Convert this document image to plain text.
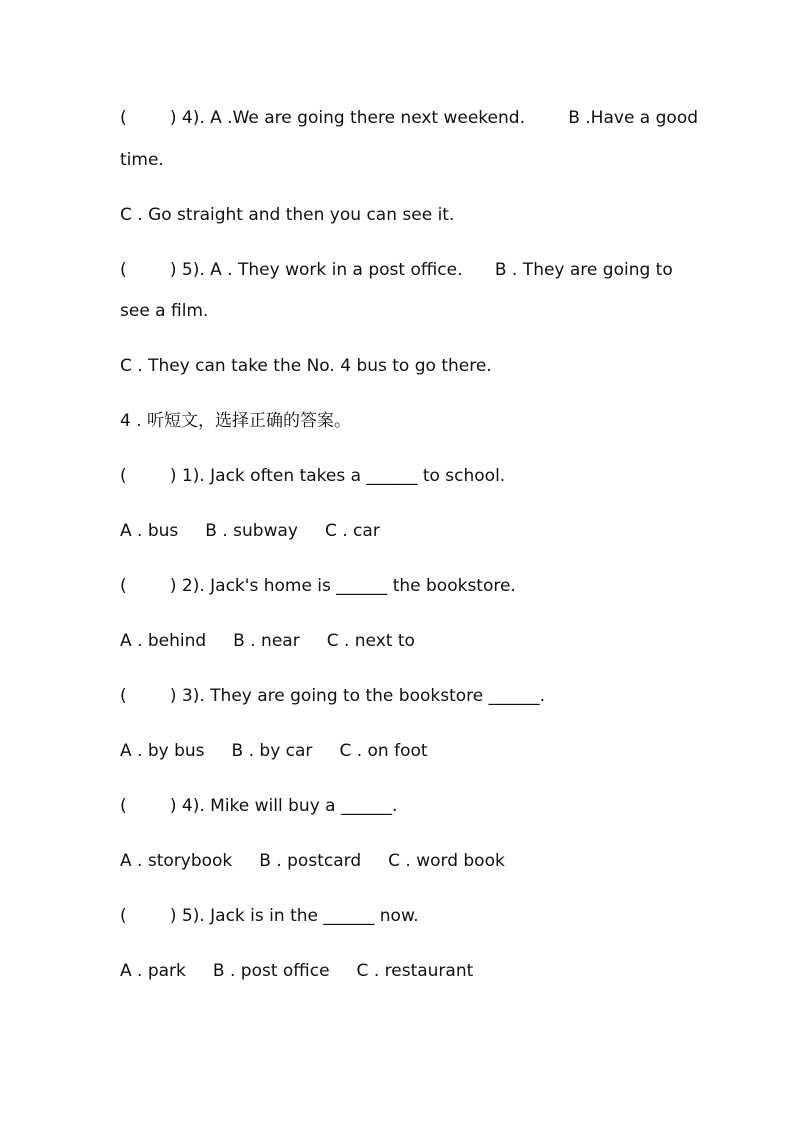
(        ) 4). A .We are going there next weekend.        B .Have a good

time.

C . Go straight and then you can see it.

(        ) 5). A . They work in a post office.      B . They are going to

see a film.

C . They can take the No. 4 bus to go there.

4 . 听短文，选择正确的答案。

(        ) 1). Jack often takes a ______ to school.

A . bus     B . subway     C . car

(        ) 2). Jack's home is ______ the bookstore.

A . behind     B . near     C . next to

(        ) 3). They are going to the bookstore ______.

A . by bus     B . by car     C . on foot

(        ) 4). Mike will buy a ______.

A . storybook     B . postcard     C . word book

(        ) 5). Jack is in the ______ now.

A . park     B . post office     C . restaurant
